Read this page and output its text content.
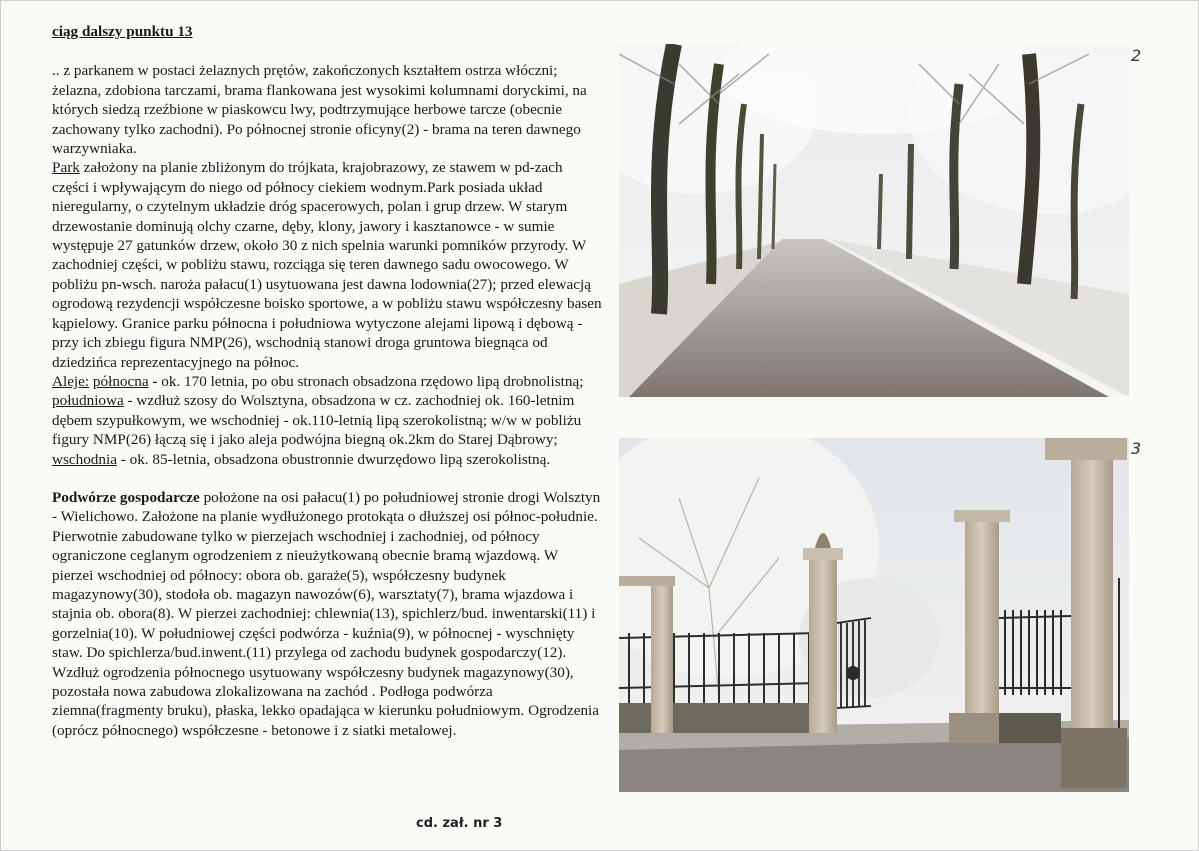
ciąg dalszy punktu 13

.. z parkanem w postaci żelaznych prętów, zakończonych kształtem ostrza włóczni; żelazna, zdobiona tarczami, brama flankowana jest wysokimi kolumnami doryckimi, na których siedzą rzeźbione w piaskowcu lwy, podtrzymujące herbowe tarcze (obecnie zachowany tylko zachodni). Po północnej stronie oficyny(2) - brama na teren dawnego warzywniaka.
Park założony na planie zbliżonym do trójkata, krajobrazowy, ze stawem w pd-zach części i wpływającym do niego od północy ciekiem wodnym.Park posiada układ nieregularny, o czytelnym układzie dróg spacerowych, polan i grup drzew. W starym drzewostanie dominują olchy czarne, dęby, klony, jawory i kasztanowce - w sumie występuje 27 gatunków drzew, około 30 z nich spelnia warunki pomników przyrody. W zachodniej części, w pobliżu stawu, rozciąga się teren dawnego sadu owocowego. W pobliżu pn-wsch. naroża pałacu(1) usytuowana jest dawna lodownia(27); przed elewacją ogrodową rezydencji współczesne boisko sportowe, a w pobliżu stawu współczesny basen kąpielowy. Granice parku północna i południowa wytyczone alejami lipową i dębową - przy ich zbiegu figura NMP(26), wschodnią stanowi droga gruntowa biegnąca od dziedzińca reprezentacyjnego na północ.
Aleje: północna - ok. 170 letnia, po obu stronach obsadzona rzędowo lipą drobnolistną; południowa - wzdłuż szosy do Wolsztyna, obsadzona w cz. zachodniej ok. 160-letnim dębem szypułkowym, we wschodniej - ok.110-letnią lipą szerokolistną; w/w w pobliżu figury NMP(26) łączą się i jako aleja podwójna biegną ok.2km do Starej Dąbrowy; wschodnia - ok. 85-letnia, obsadzona obustronnie dwurzędowo lipą szerokolistną.

Podwórze gospodarcze położone na osi pałacu(1) po południowej stronie drogi Wolsztyn - Wielichowo. Założone na planie wydłużonego protokąta o dłuższej osi północ-południe. Pierwotnie zabudowane tylko w pierzejach wschodniej i zachodniej, od północy ograniczone ceglanym ogrodzeniem z nieużytkowaną obecnie bramą wjazdową. W pierzei wschodniej od północy: obora ob. garaże(5), współczesny budynek magazynowy(30), stodoła ob. magazyn nawozów(6), warsztaty(7), brama wjazdowa i stajnia ob. obora(8). W pierzei zachodniej: chlewnia(13), spichlerz/bud. inwentarski(11) i gorzelnia(10). W południowej części podwórza - kuźnia(9), w północnej - wyschnięty staw. Do spichlerza/bud.inwent.(11) przylega od zachodu budynek gospodarczy(12). Wzdłuż ogrodzenia północnego usytuowany współczesny budynek magazynowy(30), pozostała nowa zabudowa zlokalizowana na zachód . Podłoga podwórza ziemna(fragmenty bruku), płaska, lekko opadająca w kierunku południowym. Ogrodzenia (oprócz północnego) współczesne - betonowe i z siatki metalowej.

2
3
cd. zał. nr 3
